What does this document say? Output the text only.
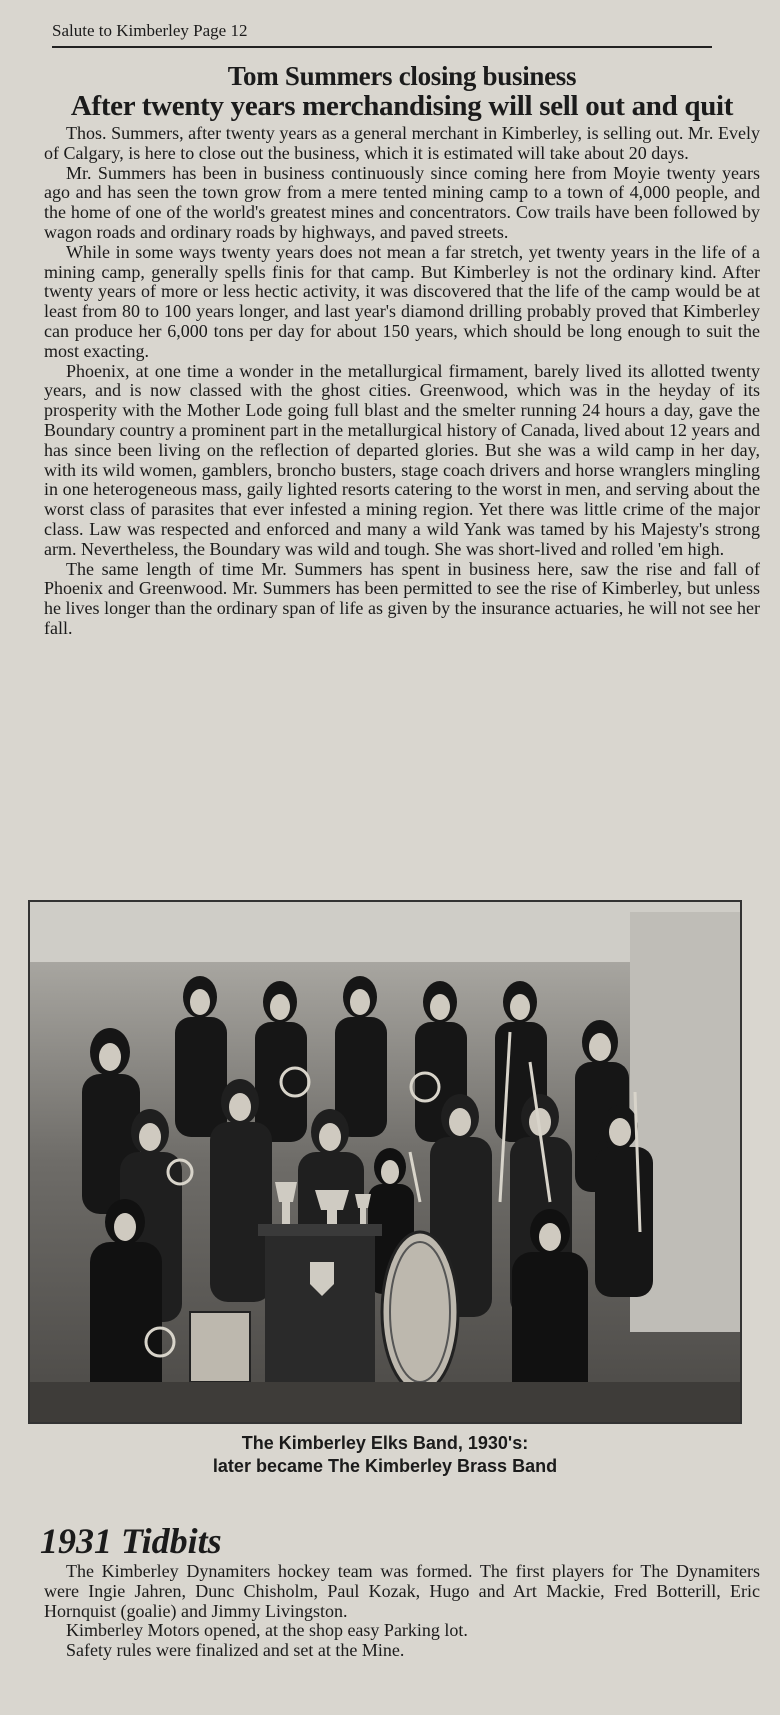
Salute to Kimberley Page 12
Tom Summers closing business
After twenty years merchandising will sell out and quit

Thos. Summers, after twenty years as a general merchant in Kimberley, is selling out. Mr. Evely of Calgary, is here to close out the business, which it is estimated will take about 20 days.

Mr. Summers has been in business continuously since coming here from Moyie twenty years ago and has seen the town grow from a mere tented mining camp to a town of 4,000 people, and the home of one of the world's greatest mines and concentrators. Cow trails have been followed by wagon roads and ordinary roads by highways, and paved streets.

While in some ways twenty years does not mean a far stretch, yet twenty years in the life of a mining camp, generally spells finis for that camp. But Kimberley is not the ordinary kind. After twenty years of more or less hectic activity, it was discovered that the life of the camp would be at least from 80 to 100 years longer, and last year's diamond drilling probably proved that Kimberley can produce her 6,000 tons per day for about 150 years, which should be long enough to suit the most exacting.

Phoenix, at one time a wonder in the metallurgical firmament, barely lived its allotted twenty years, and is now classed with the ghost cities. Greenwood, which was in the heyday of its prosperity with the Mother Lode going full blast and the smelter running 24 hours a day, gave the Boundary country a prominent part in the metallurgical history of Canada, lived about 12 years and has since been living on the reflection of departed glories. But she was a wild camp in her day, with its wild women, gamblers, broncho busters, stage coach drivers and horse wranglers mingling in one heterogeneous mass, gaily lighted resorts catering to the worst in men, and serving about the worst class of parasites that ever infested a mining region. Yet there was little crime of the major class. Law was respected and enforced and many a wild Yank was tamed by his Majesty's strong arm. Nevertheless, the Boundary was wild and tough. She was short-lived and rolled 'em high.

The same length of time Mr. Summers has spent in business here, saw the rise and fall of Phoenix and Greenwood. Mr. Summers has been permitted to see the rise of Kimberley, but unless he lives longer than the ordinary span of life as given by the insurance actuaries, he will not see her fall.

The Kimberley Elks Band, 1930's:
later became The Kimberley Brass Band
1931 Tidbits

The Kimberley Dynamiters hockey team was formed. The first players for The Dynamiters were Ingie Jahren, Dunc Chisholm, Paul Kozak, Hugo and Art Mackie, Fred Botterill, Eric Hornquist (goalie) and Jimmy Livingston.

Kimberley Motors opened, at the shop easy Parking lot.

Safety rules were finalized and set at the Mine.
